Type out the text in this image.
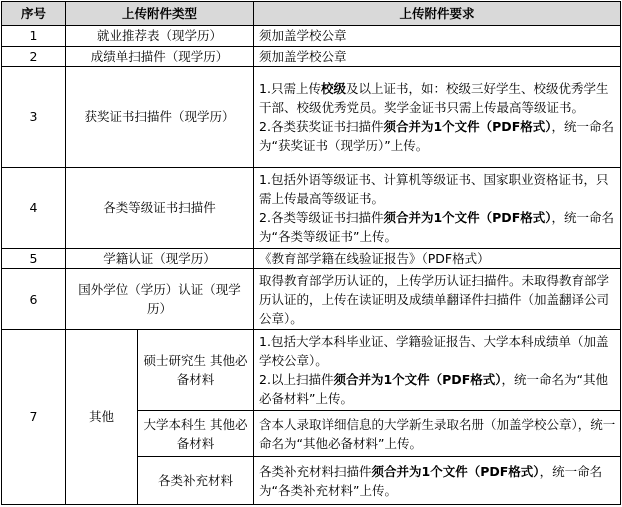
序号	上传附件类型		上传附件要求
1	就业推荐表（现学历）		须加盖学校公章
2	成绩单扫描件（现学历）		须加盖学校公章
3	获奖证书扫描件（现学历）		1.只需上传校级及以上证书，如：校级三好学生、校级优秀学生干部、校级优秀党员。奖学金证书只需上传最高等级证书。
2.各类获奖证书扫描件须合并为1个文件（PDF格式），统一命名为“获奖证书（现学历）”上传。
4	各类等级证书扫描件		1.包括外语等级证书、计算机等级证书、国家职业资格证书，只需上传最高等级证书。
2.各类等级证书扫描件须合并为1个文件（PDF格式），统一命名为“各类等级证书”上传。
5	学籍认证（现学历）		《教育部学籍在线验证报告》（PDF格式）
6	国外学位（学历）认证（现学历）		取得教育部学历认证的，上传学历认证扫描件。未取得教育部学历认证的，上传在读证明及成绩单翻译件扫描件（加盖翻译公司公章）。
7	其他	硕士研究生 其他必备材料	1.包括大学本科毕业证、学籍验证报告、大学本科成绩单（加盖学校公章）。
2.以上扫描件须合并为1个文件（PDF格式），统一命名为“其他必备材料”上传。
		大学本科生 其他必备材料	含本人录取详细信息的大学新生录取名册（加盖学校公章），统一命名为“其他必备材料”上传。
		各类补充材料	各类补充材料扫描件须合并为1个文件（PDF格式），统一命名为“各类补充材料”上传。
